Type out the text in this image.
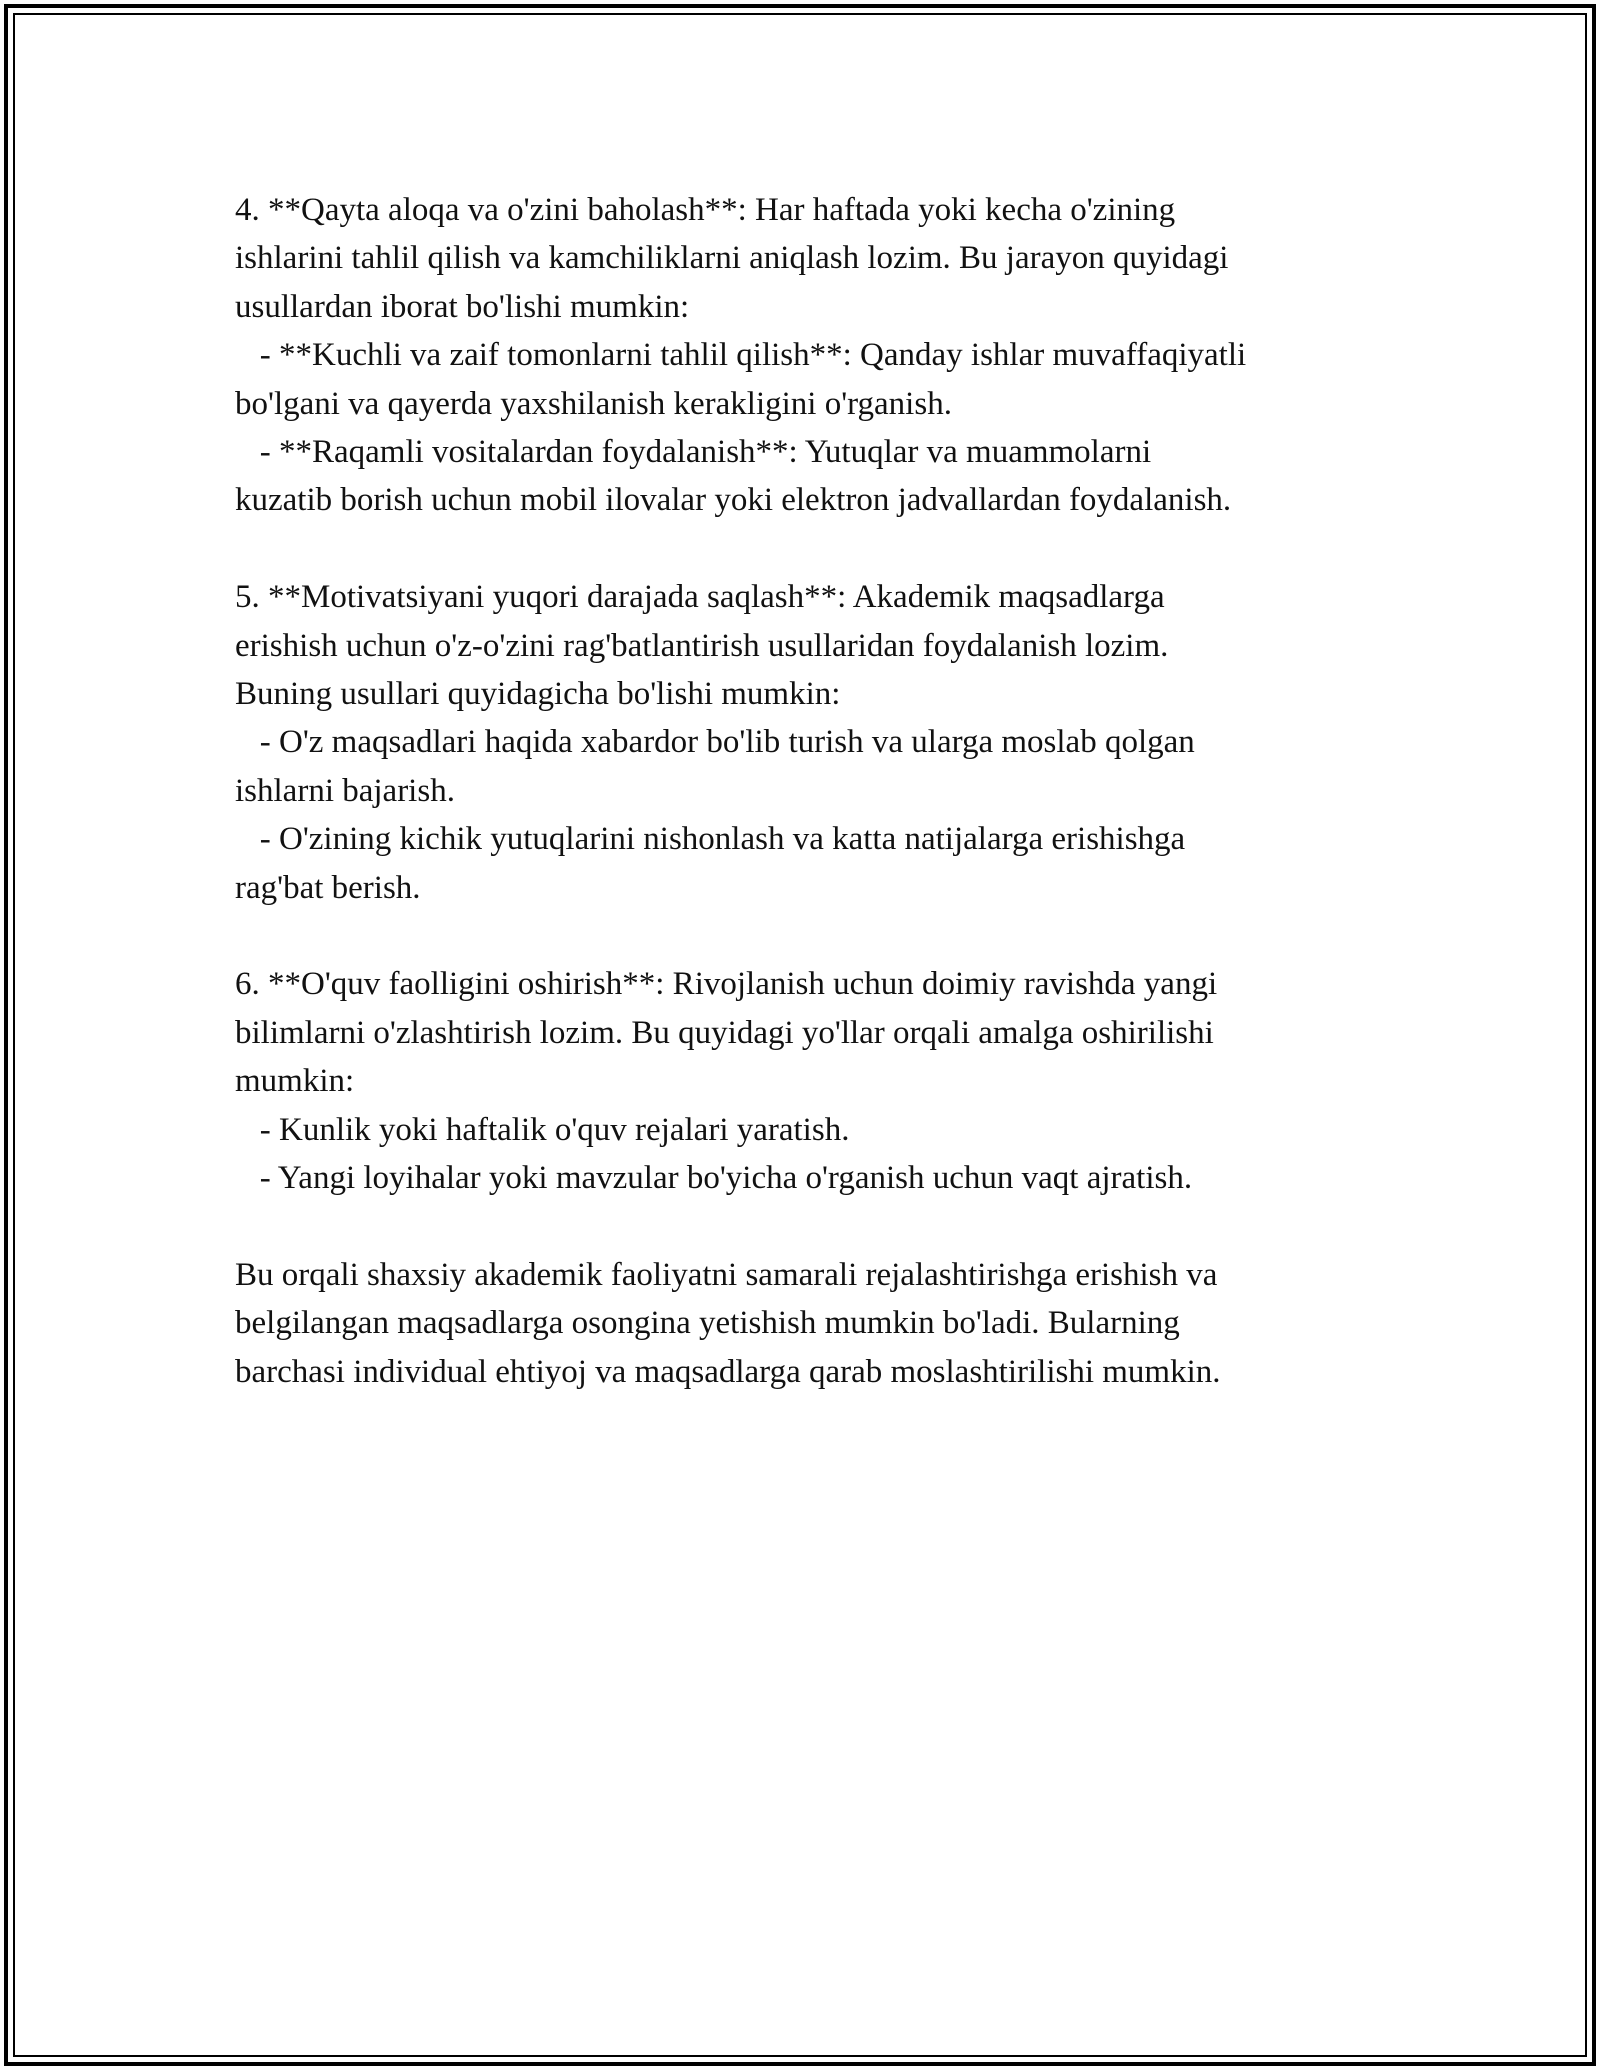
4. **Qayta aloqa va o'zini baholash**: Har haftada yoki kecha o'zining
ishlarini tahlil qilish va kamchiliklarni aniqlash lozim. Bu jarayon quyidagi
usullardan iborat bo'lishi mumkin:
- **Kuchli va zaif tomonlarni tahlil qilish**: Qanday ishlar muvaffaqiyatli
bo'lgani va qayerda yaxshilanish kerakligini o'rganish.
- **Raqamli vositalardan foydalanish**: Yutuqlar va muammolarni
kuzatib borish uchun mobil ilovalar yoki elektron jadvallardan foydalanish.
5. **Motivatsiyani yuqori darajada saqlash**: Akademik maqsadlarga
erishish uchun o'z-o'zini rag'batlantirish usullaridan foydalanish lozim.
Buning usullari quyidagicha bo'lishi mumkin:
- O'z maqsadlari haqida xabardor bo'lib turish va ularga moslab qolgan
ishlarni bajarish.
- O'zining kichik yutuqlarini nishonlash va katta natijalarga erishishga
rag'bat berish.
6. **O'quv faolligini oshirish**: Rivojlanish uchun doimiy ravishda yangi
bilimlarni o'zlashtirish lozim. Bu quyidagi yo'llar orqali amalga oshirilishi
mumkin:
- Kunlik yoki haftalik o'quv rejalari yaratish.
- Yangi loyihalar yoki mavzular bo'yicha o'rganish uchun vaqt ajratish.
Bu orqali shaxsiy akademik faoliyatni samarali rejalashtirishga erishish va
belgilangan maqsadlarga osongina yetishish mumkin bo'ladi. Bularning
barchasi individual ehtiyoj va maqsadlarga qarab moslashtirilishi mumkin.
